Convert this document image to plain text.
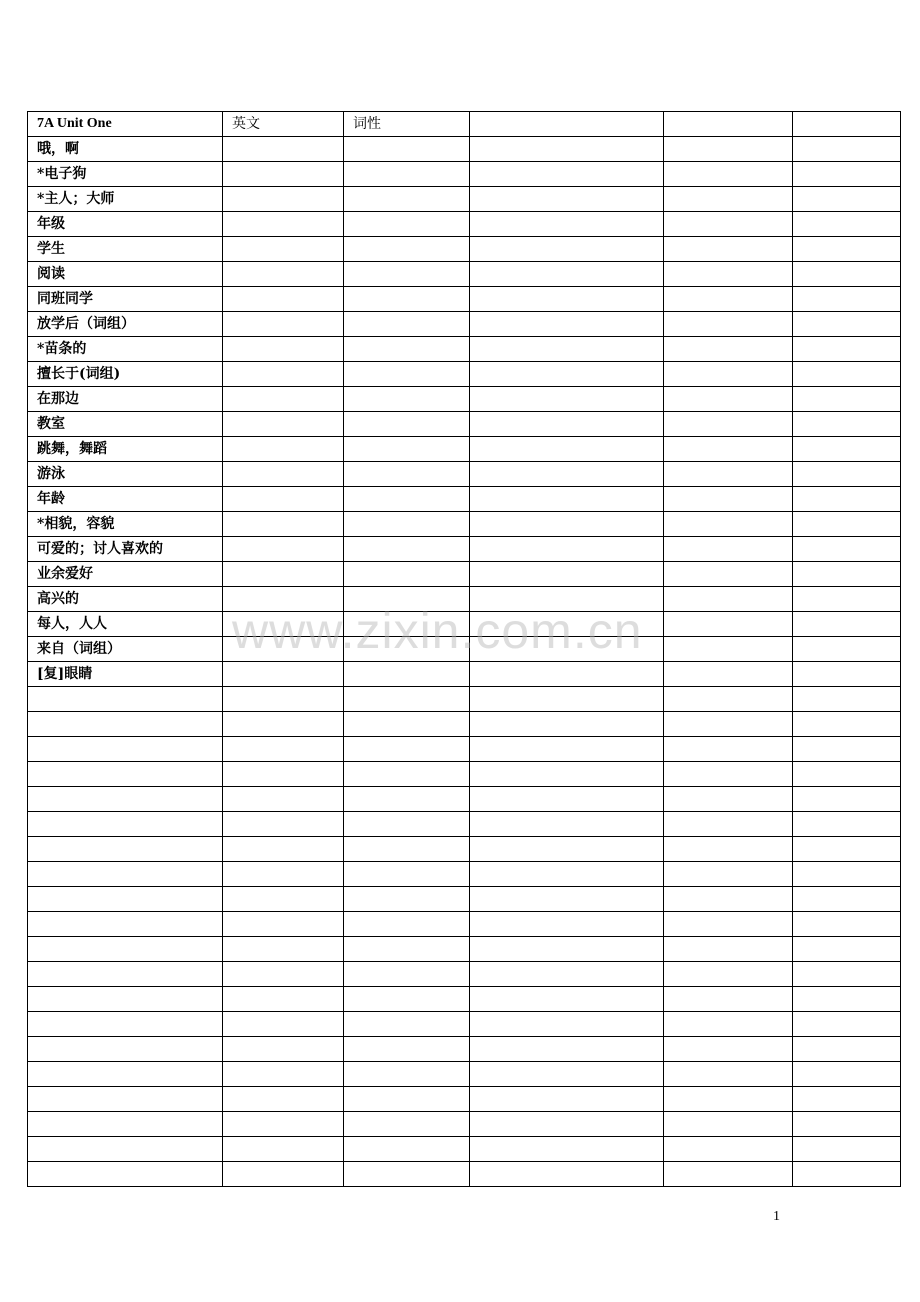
7A Unit One	英文	词性			
哦，啊					
*电子狗					
*主人；大师					
年级					
学生					
阅读					
同班同学					
放学后（词组）					
*苗条的					
擅长于(词组)					
在那边					
教室					
跳舞，舞蹈					
游泳					
年龄					
*相貌，容貌					
可爱的；讨人喜欢的					
业余爱好					
高兴的					
每人，人人					
来自（词组）					
[复]眼睛					

www.zixin.com.cn
1
